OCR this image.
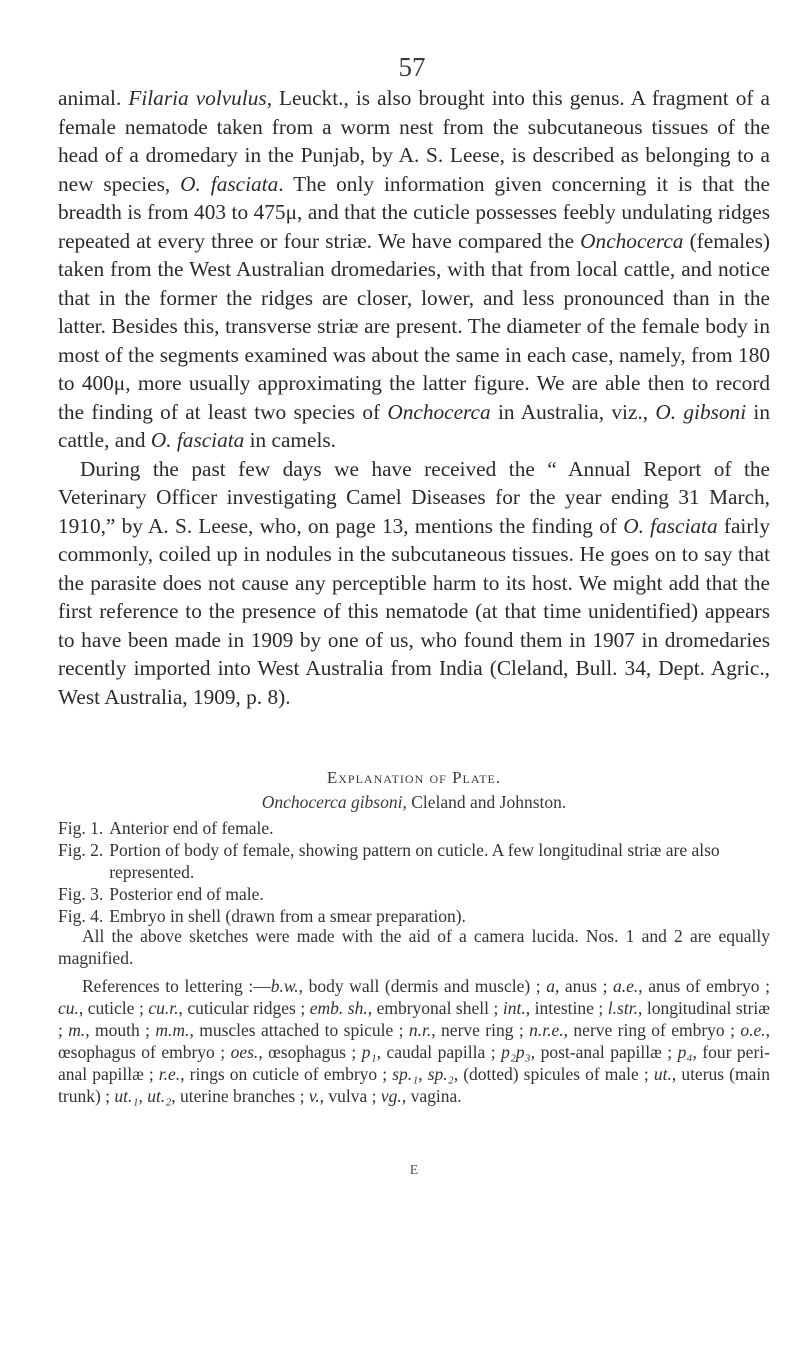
57

animal. Filaria volvulus, Leuckt., is also brought into this genus. A fragment of a female nematode taken from a worm nest from the subcutaneous tissues of the head of a dromedary in the Punjab, by A. S. Leese, is described as belonging to a new species, O. fasciata. The only information given concerning it is that the breadth is from 403 to 475μ, and that the cuticle possesses feebly undulating ridges repeated at every three or four striæ. We have compared the Onchocerca (females) taken from the West Australian dromedaries, with that from local cattle, and notice that in the former the ridges are closer, lower, and less pronounced than in the latter. Besides this, transverse striæ are present. The diameter of the female body in most of the segments examined was about the same in each case, namely, from 180 to 400μ, more usually approximating the latter figure. We are able then to record the finding of at least two species of Onchocerca in Australia, viz., O. gibsoni in cattle, and O. fasciata in camels.

During the past few days we have received the “ Annual Report of the Veterinary Officer investigating Camel Diseases for the year ending 31 March, 1910,” by A. S. Leese, who, on page 13, mentions the finding of O. fasciata fairly commonly, coiled up in nodules in the subcutaneous tissues. He goes on to say that the parasite does not cause any perceptible harm to its host. We might add that the first reference to the presence of this nematode (at that time unidentified) appears to have been made in 1909 by one of us, who found them in 1907 in dromedaries recently imported into West Australia from India (Cleland, Bull. 34, Dept. Agric., West Australia, 1909, p. 8).

Explanation of Plate.
Onchocerca gibsoni, Cleland and Johnston.
Fig. 1. Anterior end of female.
Fig. 2. Portion of body of female, showing pattern on cuticle. A few longitudinal striæ are also represented.
Fig. 3. Posterior end of male.
Fig. 4. Embryo in shell (drawn from a smear preparation).
All the above sketches were made with the aid of a camera lucida. Nos. 1 and 2 are equally magnified.
References to lettering :—b.w., body wall (dermis and muscle) ; a, anus ; a.e., anus of embryo ; cu., cuticle ; cu.r., cuticular ridges ; emb. sh., embryonal shell ; int., intestine ; l.str., longitudinal striæ ; m., mouth ; m.m., muscles attached to spicule ; n.r., nerve ring ; n.r.e., nerve ring of embryo ; o.e., œsophagus of embryo ; oes., œsophagus ; p₁, caudal papilla ; p₂p₃, post-anal papillæ ; p₄, four peri-anal papillæ ; r.e., rings on cuticle of embryo ; sp.₁, sp.₂, (dotted) spicules of male ; ut., uterus (main trunk) ; ut.₁, ut.₂, uterine branches ; v., vulva ; vg., vagina.
E
